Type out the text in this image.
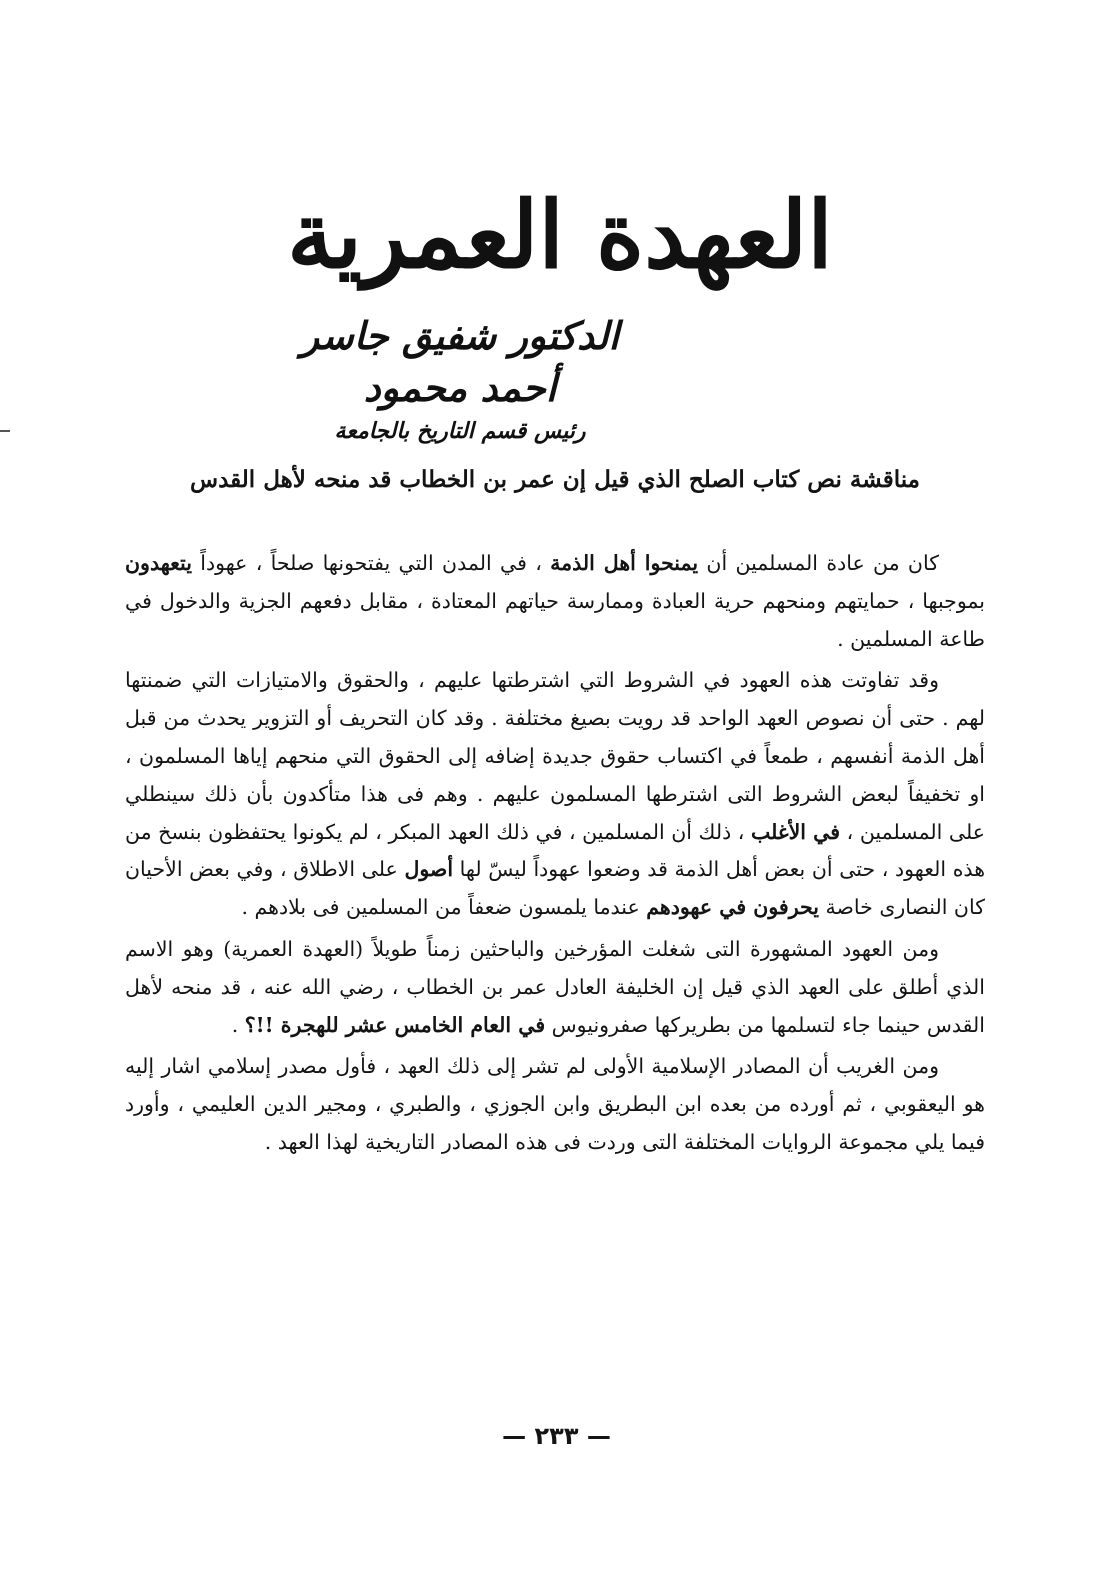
العهدة العمرية
الدكتور شفيق جاسر أحمد محمود
رئيس قسم التاريخ بالجامعة
مناقشة نص كتاب الصلح الذي قيل إن عمر بن الخطاب قد منحه لأهل القدس

كان من عادة المسلمين أن يمنحوا أهل الذمة ، في المدن التي يفتحونها صلحاً ، عهوداً يتعهدون بموجبها ، حمايتهم ومنحهم حرية العبادة وممارسة حياتهم المعتادة ، مقابل دفعهم الجزية والدخول في طاعة المسلمين .

وقد تفاوتت هذه العهود في الشروط التي اشترطتها عليهم ، والحقوق والامتيازات التي ضمنتها لهم . حتى أن نصوص العهد الواحد قد رويت بصيغ مختلفة . وقد كان التحريف أو التزوير يحدث من قبل أهل الذمة أنفسهم ، طمعاً في اكتساب حقوق جديدة إضافه إلى الحقوق التي منحهم إياها المسلمون ، او تخفيفاً لبعض الشروط التى اشترطها المسلمون عليهم . وهم فى هذا متأكدون بأن ذلك سينطلي على المسلمين ، في الأغلب ، ذلك أن المسلمين ، في ذلك العهد المبكر ، لم يكونوا يحتفظون بنسخ من هذه العهود ، حتى أن بعض أهل الذمة قد وضعوا عهوداً ليسّ لها أصول على الاطلاق ، وفي بعض الأحيان كان النصارى خاصة يحرفون في عهودهم عندما يلمسون ضعفاً من المسلمين فى بلادهم .

ومن العهود المشهورة التى شغلت المؤرخين والباحثين زمناً طويلاً (العهدة العمرية) وهو الاسم الذي أطلق على العهد الذي قيل إن الخليفة العادل عمر بن الخطاب ، رضي الله عنه ، قد منحه لأهل القدس حينما جاء لتسلمها من بطريركها صفرونيوس في العام الخامس عشر للهجرة !!؟ .

ومن الغريب أن المصادر الإسلامية الأولى لم تشر إلى ذلك العهد ، فأول مصدر إسلامي اشار إليه هو اليعقوبي ، ثم أورده من بعده ابن البطريق وابن الجوزي ، والطبري ، ومجير الدين العليمي ، وأورد فيما يلي مجموعة الروايات المختلفة التى وردت فى هذه المصادر التاريخية لهذا العهد .

— ٢٣٣ —
